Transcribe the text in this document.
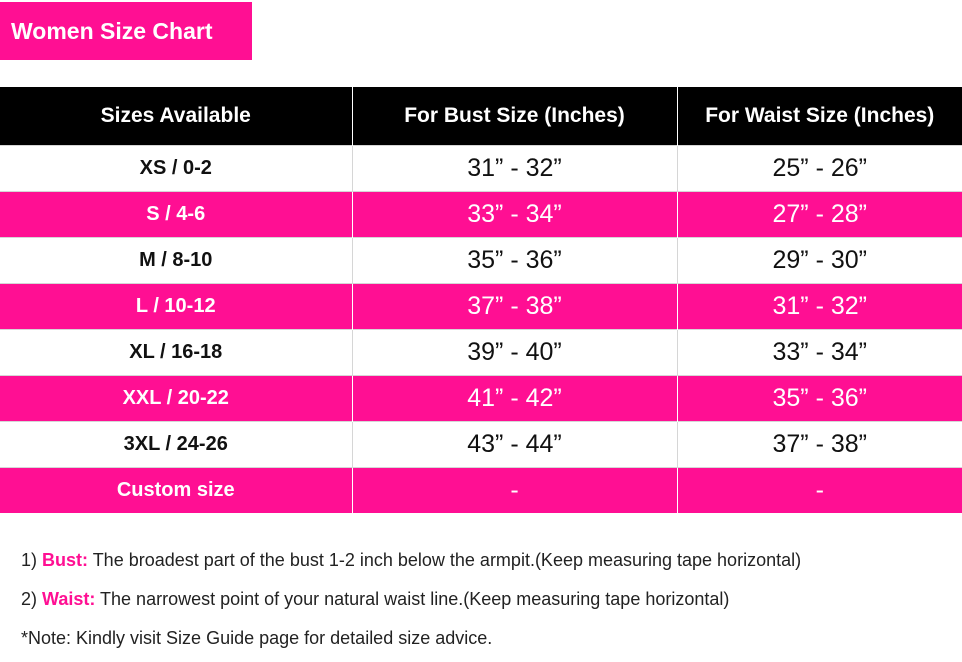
Women Size Chart
Sizes Available	For Bust Size (Inches)	For Waist Size (Inches)
XS / 0-2	31” - 32”	25” - 26”
S / 4-6	33” - 34”	27” - 28”
M / 8-10	35” - 36”	29” - 30”
L / 10-12	37” - 38”	31” - 32”
XL / 16-18	39” - 40”	33” - 34”
XXL / 20-22	41” - 42”	35” - 36”
3XL / 24-26	43” - 44”	37” - 38”
Custom size	-	-
1) Bust: The broadest part of the bust 1-2 inch below the armpit.(Keep measuring tape horizontal)
2) Waist: The narrowest point of your natural waist line.(Keep measuring tape horizontal)
*Note: Kindly visit Size Guide page for detailed size advice.
